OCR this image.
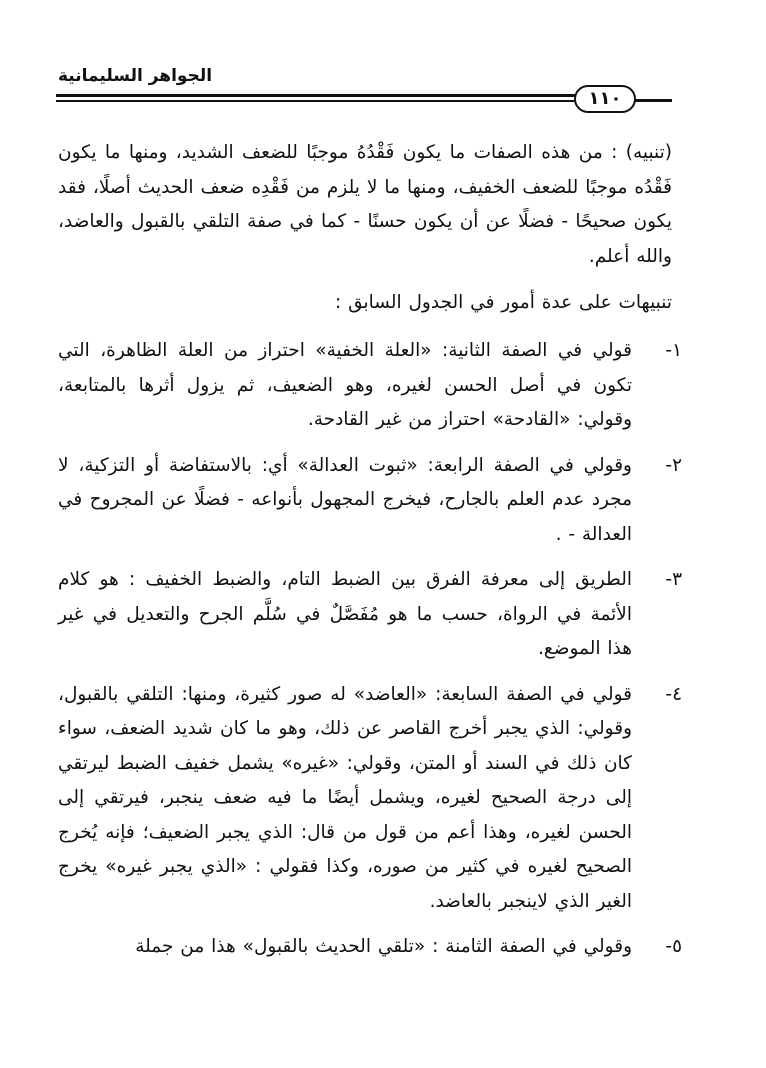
الجواهر السليمانية
١١٠

(تنبيه) : من هذه الصفات ما يكون فَقْدُهُ موجبًا للضعف الشديد، ومنها ما يكون فَقْدُه موجبًا للضعف الخفيف، ومنها ما لا يلزم من فَقْدِه ضعف الحديث أصلًا، فقد يكون صحيحًا - فضلًا عن أن يكون حسنًا - كما في صفة التلقي بالقبول والعاضد، والله أعلم.

تنبيهات على عدة أمور في الجدول السابق :

١-
قولي في الصفة الثانية: «العلة الخفية» احتراز من العلة الظاهرة، التي تكون في أصل الحسن لغيره، وهو الضعيف، ثم يزول أثرها بالمتابعة، وقولي: «القادحة» احتراز من غير القادحة.
٢-
وقولي في الصفة الرابعة: «ثبوت العدالة» أي: بالاستفاضة أو التزكية، لا مجرد عدم العلم بالجارح، فيخرج المجهول بأنواعه - فضلًا عن المجروح في العدالة - .
٣-
الطريق إلى معرفة الفرق بين الضبط التام، والضبط الخفيف : هو كلام الأئمة في الرواة، حسب ما هو مُفَصَّلٌ في سُلَّم الجرح والتعديل في غير هذا الموضع.
٤-
قولي في الصفة السابعة: «العاضد» له صور كثيرة، ومنها: التلقي بالقبول، وقولي: الذي يجبر أخرج القاصر عن ذلك، وهو ما كان شديد الضعف، سواء كان ذلك في السند أو المتن، وقولي: «غيره» يشمل خفيف الضبط ليرتقي إلى درجة الصحيح لغيره، ويشمل أيضًا ما فيه ضعف ينجبر، فيرتقي إلى الحسن لغيره، وهذا أعم من قول من قال: الذي يجبر الضعيف؛ فإنه يُخرج الصحيح لغيره في كثير من صوره، وكذا فقولي : «الذي يجبر غيره» يخرج الغير الذي لاينجبر بالعاضد.
٥-
وقولي في الصفة الثامنة : «تلقي الحديث بالقبول» هذا من جملة
